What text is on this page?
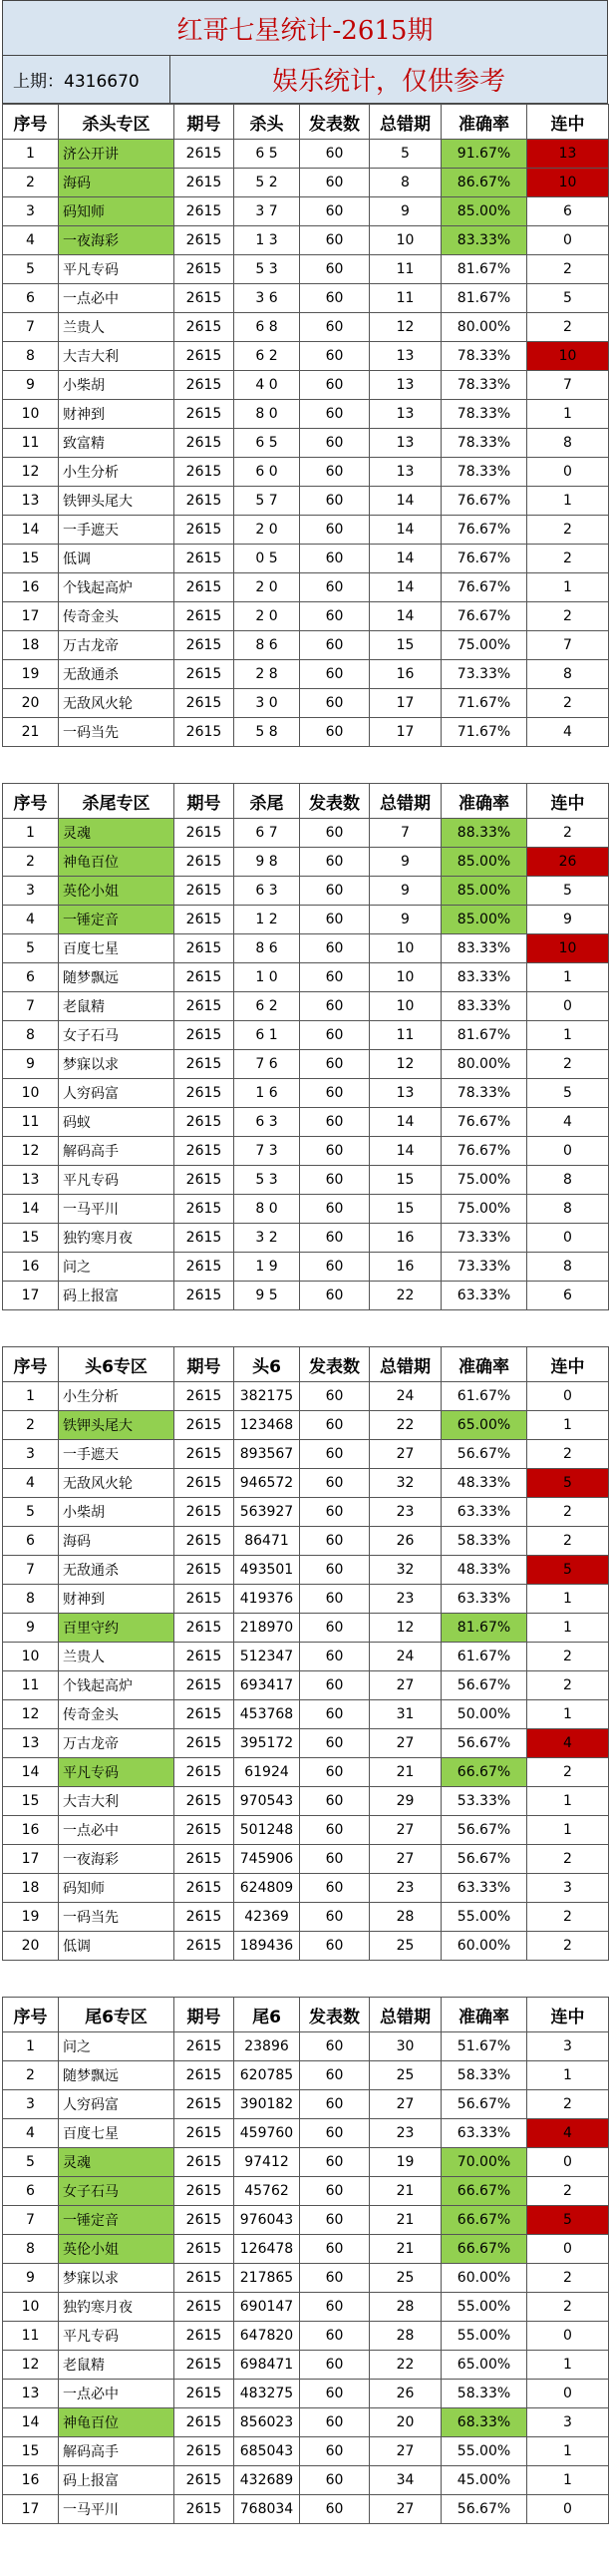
红哥七星统计-2615期
上期：4316670	娱乐统计，仅供参考
序号	杀头专区	期号	杀头	发表数	总错期	准确率	连中
1	济公开讲	2615	6 5	60	5	91.67%	13
2	海码	2615	5 2	60	8	86.67%	10
3	码知师	2615	3 7	60	9	85.00%	6
4	一夜海彩	2615	1 3	60	10	83.33%	0
5	平凡专码	2615	5 3	60	11	81.67%	2
6	一点必中	2615	3 6	60	11	81.67%	5
7	兰贵人	2615	6 8	60	12	80.00%	2
8	大吉大利	2615	6 2	60	13	78.33%	10
9	小柴胡	2615	4 0	60	13	78.33%	7
10	财神到	2615	8 0	60	13	78.33%	1
11	致富精	2615	6 5	60	13	78.33%	8
12	小生分析	2615	6 0	60	13	78.33%	0
13	铁钾头尾大	2615	5 7	60	14	76.67%	1
14	一手遮天	2615	2 0	60	14	76.67%	2
15	低调	2615	0 5	60	14	76.67%	2
16	个钱起高炉	2615	2 0	60	14	76.67%	1
17	传奇金头	2615	2 0	60	14	76.67%	2
18	万古龙帝	2615	8 6	60	15	75.00%	7
19	无敌通杀	2615	2 8	60	16	73.33%	8
20	无敌风火轮	2615	3 0	60	17	71.67%	2
21	一码当先	2615	5 8	60	17	71.67%	4
序号	杀尾专区	期号	杀尾	发表数	总错期	准确率	连中
1	灵魂	2615	6 7	60	7	88.33%	2
2	神龟百位	2615	9 8	60	9	85.00%	26
3	英伦小姐	2615	6 3	60	9	85.00%	5
4	一锤定音	2615	1 2	60	9	85.00%	9
5	百度七星	2615	8 6	60	10	83.33%	10
6	随梦飘远	2615	1 0	60	10	83.33%	1
7	老鼠精	2615	6 2	60	10	83.33%	0
8	女子石马	2615	6 1	60	11	81.67%	1
9	梦寐以求	2615	7 6	60	12	80.00%	2
10	人穷码富	2615	1 6	60	13	78.33%	5
11	码蚁	2615	6 3	60	14	76.67%	4
12	解码高手	2615	7 3	60	14	76.67%	0
13	平凡专码	2615	5 3	60	15	75.00%	8
14	一马平川	2615	8 0	60	15	75.00%	8
15	独钓寒月夜	2615	3 2	60	16	73.33%	0
16	问之	2615	1 9	60	16	73.33%	8
17	码上报富	2615	9 5	60	22	63.33%	6
序号	头6专区	期号	头6	发表数	总错期	准确率	连中
1	小生分析	2615	382175	60	24	61.67%	0
2	铁钾头尾大	2615	123468	60	22	65.00%	1
3	一手遮天	2615	893567	60	27	56.67%	2
4	无敌风火轮	2615	946572	60	32	48.33%	5
5	小柴胡	2615	563927	60	23	63.33%	2
6	海码	2615	86471	60	26	58.33%	2
7	无敌通杀	2615	493501	60	32	48.33%	5
8	财神到	2615	419376	60	23	63.33%	1
9	百里守约	2615	218970	60	12	81.67%	1
10	兰贵人	2615	512347	60	24	61.67%	2
11	个钱起高炉	2615	693417	60	27	56.67%	2
12	传奇金头	2615	453768	60	31	50.00%	1
13	万古龙帝	2615	395172	60	27	56.67%	4
14	平凡专码	2615	61924	60	21	66.67%	2
15	大吉大利	2615	970543	60	29	53.33%	1
16	一点必中	2615	501248	60	27	56.67%	1
17	一夜海彩	2615	745906	60	27	56.67%	2
18	码知师	2615	624809	60	23	63.33%	3
19	一码当先	2615	42369	60	28	55.00%	2
20	低调	2615	189436	60	25	60.00%	2
序号	尾6专区	期号	尾6	发表数	总错期	准确率	连中
1	问之	2615	23896	60	30	51.67%	3
2	随梦飘远	2615	620785	60	25	58.33%	1
3	人穷码富	2615	390182	60	27	56.67%	2
4	百度七星	2615	459760	60	23	63.33%	4
5	灵魂	2615	97412	60	19	70.00%	0
6	女子石马	2615	45762	60	21	66.67%	2
7	一锤定音	2615	976043	60	21	66.67%	5
8	英伦小姐	2615	126478	60	21	66.67%	0
9	梦寐以求	2615	217865	60	25	60.00%	2
10	独钓寒月夜	2615	690147	60	28	55.00%	2
11	平凡专码	2615	647820	60	28	55.00%	0
12	老鼠精	2615	698471	60	22	65.00%	1
13	一点必中	2615	483275	60	26	58.33%	0
14	神龟百位	2615	856023	60	20	68.33%	3
15	解码高手	2615	685043	60	27	55.00%	1
16	码上报富	2615	432689	60	34	45.00%	1
17	一马平川	2615	768034	60	27	56.67%	0
